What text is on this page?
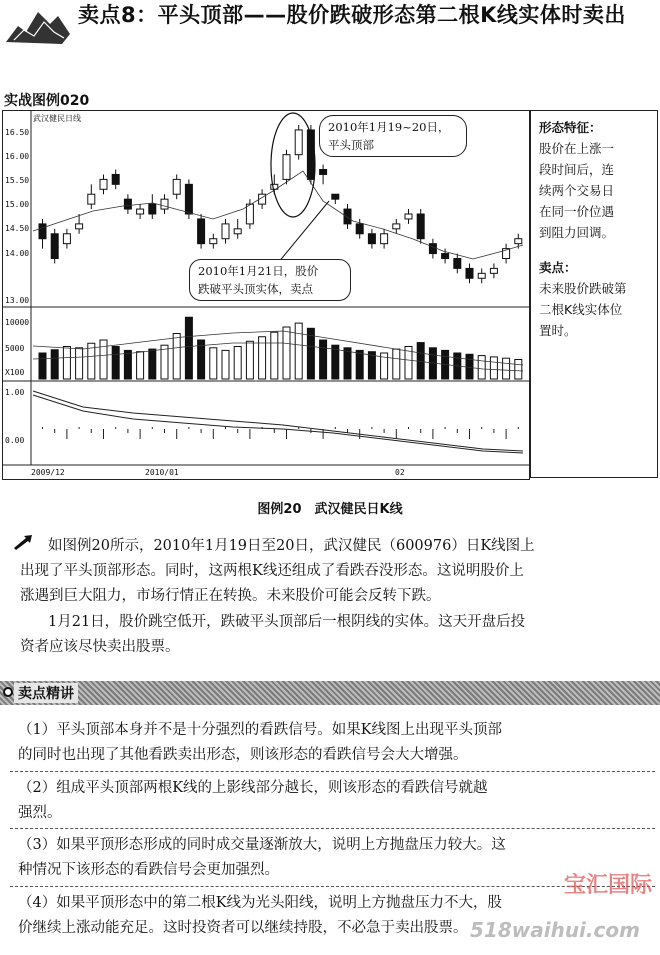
卖点8：平头顶部——股价跌破形态第二根K线实体时卖出
实战图例020
16.50
16.00
15.50
15.00
14.50
14.00
13.00
10000
5000
X100
1.00
0.00
2009/12	2010/01	02
武汉健民日线
2010年1月19~20日，
平头顶部
2010年1月21日，股价
跌破平头顶实体，卖点
形态特征：
股价在上涨一
段时间后，连
续两个交易日
在同一价位遇
到阻力回调。
卖点：
未来股价跌破第
二根K线实体位
置时。
图例20　武汉健民日K线
如图例20所示，2010年1月19日至20日，武汉健民（600976）日K线图上
出现了平头顶部形态。同时，这两根K线还组成了看跌吞没形态。这说明股价上
涨遇到巨大阻力，市场行情正在转换。未来股价可能会反转下跌。
1月21日，股价跳空低开，跌破平头顶部后一根阴线的实体。这天开盘后投
资者应该尽快卖出股票。
卖点精讲
（1）平头顶部本身并不是十分强烈的看跌信号。如果K线图上出现平头顶部
的同时也出现了其他看跌卖出形态，则该形态的看跌信号会大大增强。
（2）组成平头顶部两根K线的上影线部分越长，则该形态的看跌信号就越
强烈。
（3）如果平顶形态形成的同时成交量逐渐放大，说明上方抛盘压力较大。这
种情况下该形态的看跌信号会更加强烈。
（4）如果平顶形态中的第二根K线为光头阳线，说明上方抛盘压力不大，股
价继续上涨动能充足。这时投资者可以继续持股，不必急于卖出股票。
宝汇国际
518waihui.com
